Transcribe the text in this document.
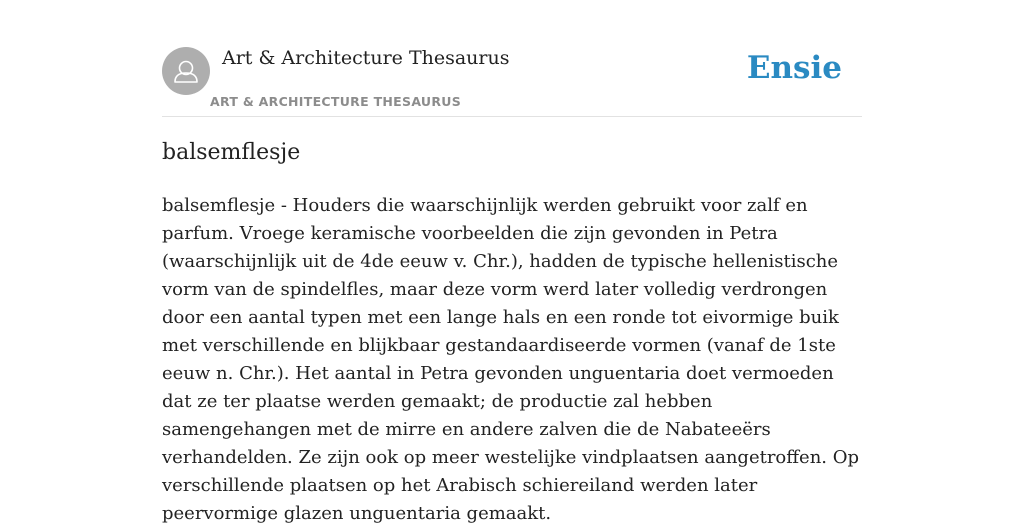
Art & Architecture Thesaurus
ART & ARCHITECTURE THESAURUS
Ensie
balsemflesje

balsemflesje - Houders die waarschijnlijk werden gebruikt voor zalf en parfum. Vroege keramische voorbeelden die zijn gevonden in Petra (waarschijnlijk uit de 4de eeuw v. Chr.), hadden de typische hellenistische vorm van de spindelfles, maar deze vorm werd later volledig verdrongen door een aantal typen met een lange hals en een ronde tot eivormige buik met verschillende en blijkbaar gestandaardiseerde vormen (vanaf de 1ste eeuw n. Chr.). Het aantal in Petra gevonden unguentaria doet vermoeden dat ze ter plaatse werden gemaakt; de productie zal hebben samengehangen met de mirre en andere zalven die de Nabateeërs verhandelden. Ze zijn ook op meer westelijke vindplaatsen aangetroffen. Op verschillende plaatsen op het Arabisch schiereiland werden later peervormige glazen unguentaria gemaakt.
